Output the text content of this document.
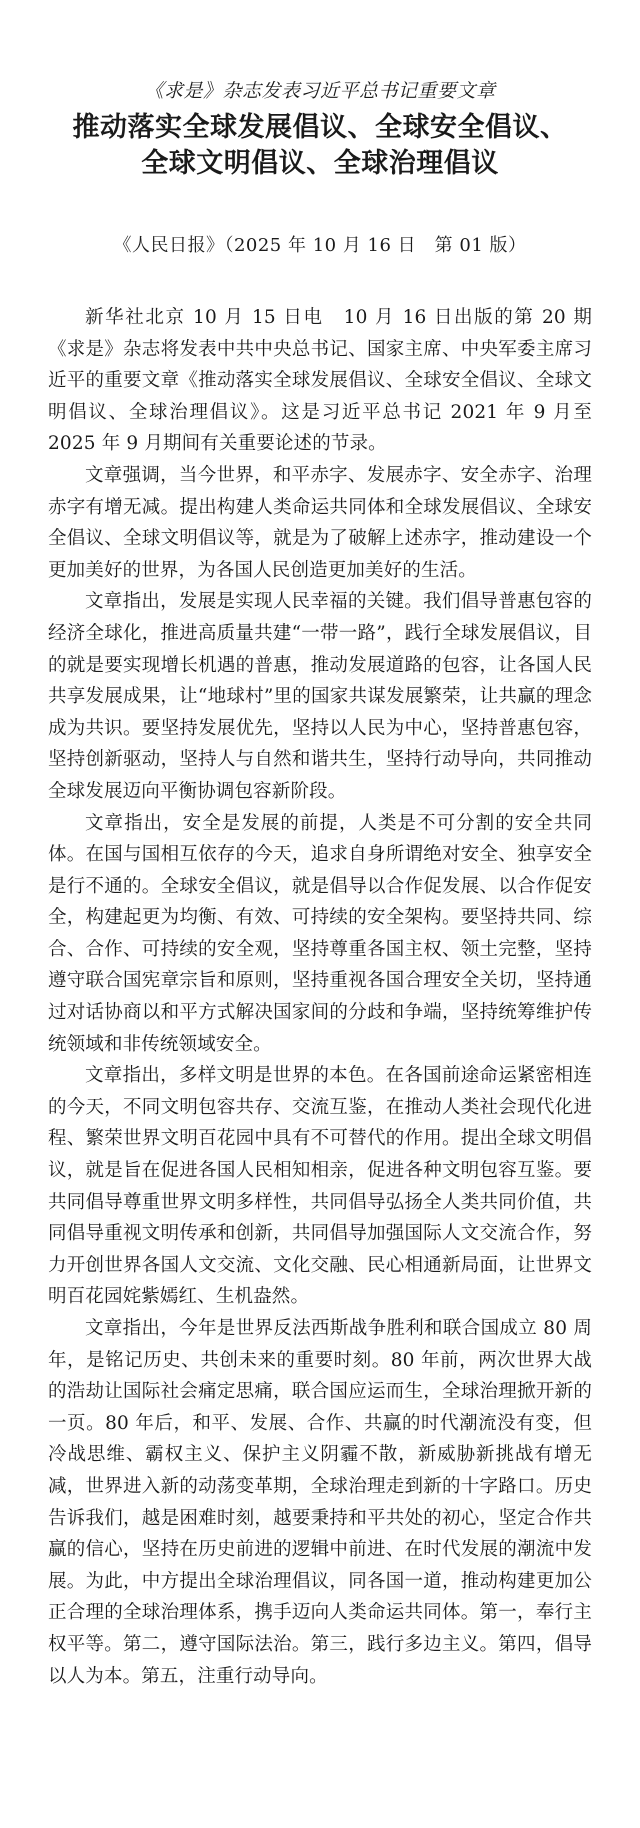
《求是》杂志发表习近平总书记重要文章

推动落实全球发展倡议、全球安全倡议、
全球文明倡议、全球治理倡议

《人民日报》（2025 年 10 月 16 日　第 01 版）

新华社北京 10 月 15 日电　10 月 16 日出版的第 20 期《求是》杂志将发表中共中央总书记、国家主席、中央军委主席习近平的重要文章《推动落实全球发展倡议、全球安全倡议、全球文明倡议、全球治理倡议》。这是习近平总书记 2021 年 9 月至 2025 年 9 月期间有关重要论述的节录。

文章强调，当今世界，和平赤字、发展赤字、安全赤字、治理赤字有增无减。提出构建人类命运共同体和全球发展倡议、全球安全倡议、全球文明倡议等，就是为了破解上述赤字，推动建设一个更加美好的世界，为各国人民创造更加美好的生活。

文章指出，发展是实现人民幸福的关键。我们倡导普惠包容的经济全球化，推进高质量共建“一带一路”，践行全球发展倡议，目的就是要实现增长机遇的普惠，推动发展道路的包容，让各国人民共享发展成果，让“地球村”里的国家共谋发展繁荣，让共赢的理念成为共识。要坚持发展优先，坚持以人民为中心，坚持普惠包容，坚持创新驱动，坚持人与自然和谐共生，坚持行动导向，共同推动全球发展迈向平衡协调包容新阶段。

文章指出，安全是发展的前提，人类是不可分割的安全共同体。在国与国相互依存的今天，追求自身所谓绝对安全、独享安全是行不通的。全球安全倡议，就是倡导以合作促发展、以合作促安全，构建起更为均衡、有效、可持续的安全架构。要坚持共同、综合、合作、可持续的安全观，坚持尊重各国主权、领土完整，坚持遵守联合国宪章宗旨和原则，坚持重视各国合理安全关切，坚持通过对话协商以和平方式解决国家间的分歧和争端，坚持统筹维护传统领域和非传统领域安全。

文章指出，多样文明是世界的本色。在各国前途命运紧密相连的今天，不同文明包容共存、交流互鉴，在推动人类社会现代化进程、繁荣世界文明百花园中具有不可替代的作用。提出全球文明倡议，就是旨在促进各国人民相知相亲，促进各种文明包容互鉴。要共同倡导尊重世界文明多样性，共同倡导弘扬全人类共同价值，共同倡导重视文明传承和创新，共同倡导加强国际人文交流合作，努力开创世界各国人文交流、文化交融、民心相通新局面，让世界文明百花园姹紫嫣红、生机盎然。

文章指出，今年是世界反法西斯战争胜利和联合国成立 80 周年，是铭记历史、共创未来的重要时刻。80 年前，两次世界大战的浩劫让国际社会痛定思痛，联合国应运而生，全球治理掀开新的一页。80 年后，和平、发展、合作、共赢的时代潮流没有变，但冷战思维、霸权主义、保护主义阴霾不散，新威胁新挑战有增无减，世界进入新的动荡变革期，全球治理走到新的十字路口。历史告诉我们，越是困难时刻，越要秉持和平共处的初心，坚定合作共赢的信心，坚持在历史前进的逻辑中前进、在时代发展的潮流中发展。为此，中方提出全球治理倡议，同各国一道，推动构建更加公正合理的全球治理体系，携手迈向人类命运共同体。第一，奉行主权平等。第二，遵守国际法治。第三，践行多边主义。第四，倡导以人为本。第五，注重行动导向。
